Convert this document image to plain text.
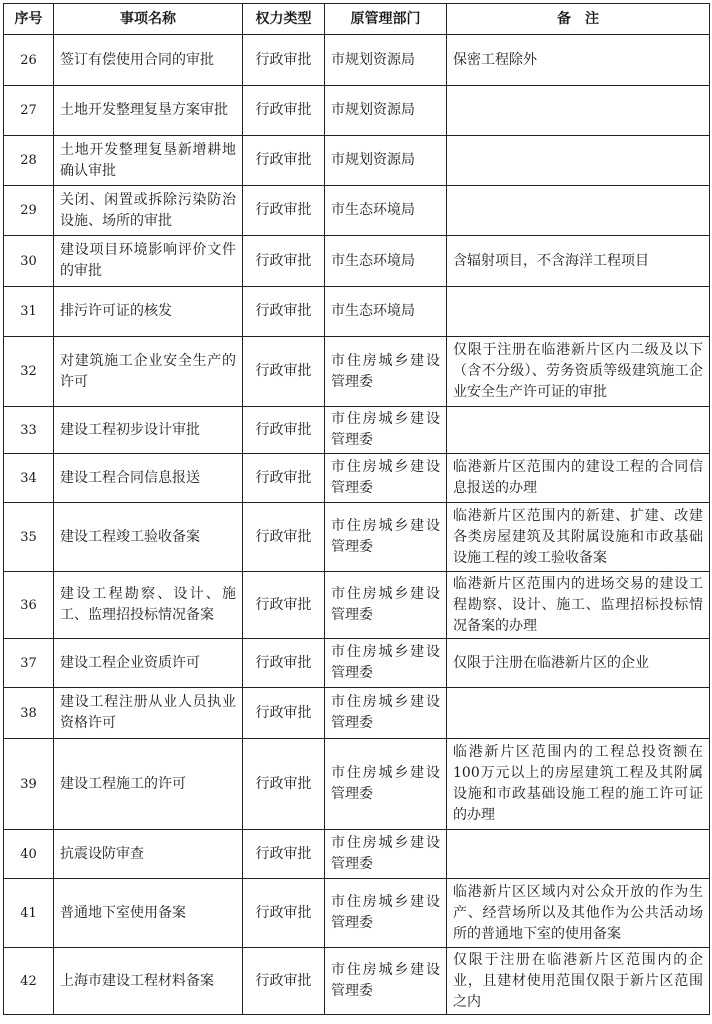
序号	事项名称	权力类型	原管理部门	备　注
26	签订有偿使用合同的审批	行政审批	市规划资源局	保密工程除外
27	土地开发整理复垦方案审批	行政审批	市规划资源局	
28	土地开发整理复垦新增耕地确认审批	行政审批	市规划资源局	
29	关闭、闲置或拆除污染防治设施、场所的审批	行政审批	市生态环境局	
30	建设项目环境影响评价文件的审批	行政审批	市生态环境局	含辐射项目，不含海洋工程项目
31	排污许可证的核发	行政审批	市生态环境局	
32	对建筑施工企业安全生产的许可	行政审批	市住房城乡建设管理委	仅限于注册在临港新片区内二级及以下（含不分级）、劳务资质等级建筑施工企业安全生产许可证的审批
33	建设工程初步设计审批	行政审批	市住房城乡建设管理委	
34	建设工程合同信息报送	行政审批	市住房城乡建设管理委	临港新片区范围内的建设工程的合同信息报送的办理
35	建设工程竣工验收备案	行政审批	市住房城乡建设管理委	临港新片区范围内的新建、扩建、改建各类房屋建筑及其附属设施和市政基础设施工程的竣工验收备案
36	建设工程勘察、设计、施工、监理招投标情况备案	行政审批	市住房城乡建设管理委	临港新片区范围内的进场交易的建设工程勘察、设计、施工、监理招标投标情况备案的办理
37	建设工程企业资质许可	行政审批	市住房城乡建设管理委	仅限于注册在临港新片区的企业
38	建设工程注册从业人员执业资格许可	行政审批	市住房城乡建设管理委	
39	建设工程施工的许可	行政审批	市住房城乡建设管理委	临港新片区范围内的工程总投资额在100万元以上的房屋建筑工程及其附属设施和市政基础设施工程的施工许可证的办理
40	抗震设防审查	行政审批	市住房城乡建设管理委	
41	普通地下室使用备案	行政审批	市住房城乡建设管理委	临港新片区区域内对公众开放的作为生产、经营场所以及其他作为公共活动场所的普通地下室的使用备案
42	上海市建设工程材料备案	行政审批	市住房城乡建设管理委	仅限于注册在临港新片区范围内的企业，且建材使用范围仅限于新片区范围之内
